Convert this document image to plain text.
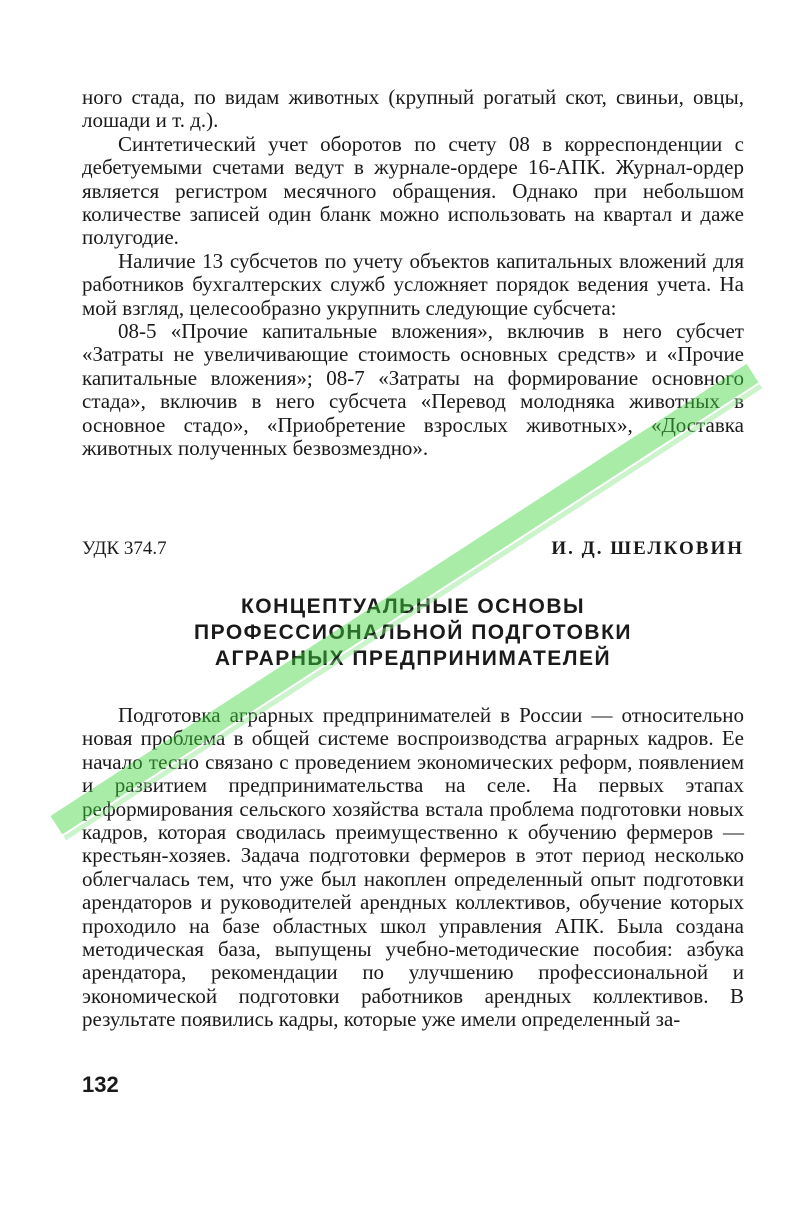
ного стада, по видам животных (крупный рогатый скот, свиньи, овцы, лошади и т. д.).

Синтетический учет оборотов по счету 08 в корреспонденции с дебетуемыми счетами ведут в журнале-ордере 16-АПК. Журнал-ордер является регистром месячного обращения. Однако при небольшом количестве записей один бланк можно использовать на квартал и даже полугодие.

Наличие 13 субсчетов по учету объектов капитальных вложений для работников бухгалтерских служб усложняет порядок ведения учета. На мой взгляд, целесообразно укрупнить следующие субсчета:

08-5 «Прочие капитальные вложения», включив в него субсчет «Затраты не увеличивающие стоимость основных средств» и «Прочие капитальные вложения»; 08-7 «Затраты на формирование основного стада», включив в него субсчета «Перевод молодняка животных в основное стадо», «Приобретение взрослых животных», «Доставка животных полученных безвозмездно».

УДК 374.7	И. Д. ШЕЛКОВИН
КОНЦЕПТУАЛЬНЫЕ ОСНОВЫ
ПРОФЕССИОНАЛЬНОЙ ПОДГОТОВКИ
АГРАРНЫХ ПРЕДПРИНИМАТЕЛЕЙ

Подготовка аграрных предпринимателей в России — относительно новая проблема в общей системе воспроизводства аграрных кадров. Ее начало тесно связано с проведением экономических реформ, появлением и развитием предпринимательства на селе. На первых этапах реформирования сельского хозяйства встала проблема подготовки новых кадров, которая сводилась преимущественно к обучению фермеров — крестьян-хозяев. Задача подготовки фермеров в этот период несколько облегчалась тем, что уже был накоплен определенный опыт подготовки арендаторов и руководителей арендных коллективов, обучение которых проходило на базе областных школ управления АПК. Была создана методическая база, выпущены учебно-методические пособия: азбука арендатора, рекомендации по улучшению профессиональной и экономической подготовки работников арендных коллективов. В результате появились кадры, которые уже имели определенный за-

132
